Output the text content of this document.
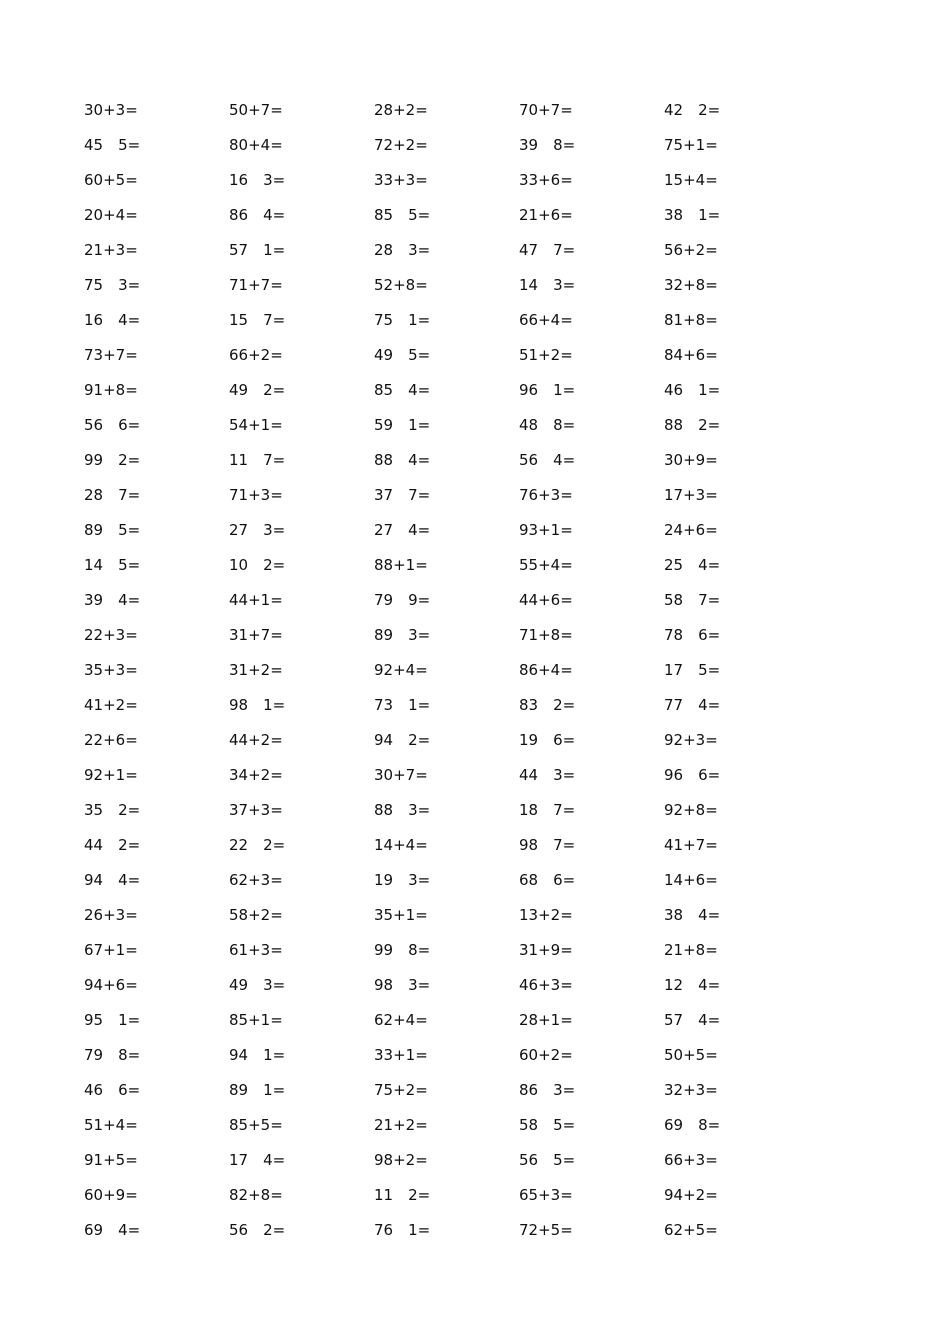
30+3=	50+7=	28+2=	70+7=	42　2=
45　5=	80+4=	72+2=	39　8=	75+1=
60+5=	16　3=	33+3=	33+6=	15+4=
20+4=	86　4=	85　5=	21+6=	38　1=
21+3=	57　1=	28　3=	47　7=	56+2=
75　3=	71+7=	52+8=	14　3=	32+8=
16　4=	15　7=	75　1=	66+4=	81+8=
73+7=	66+2=	49　5=	51+2=	84+6=
91+8=	49　2=	85　4=	96　1=	46　1=
56　6=	54+1=	59　1=	48　8=	88　2=
99　2=	11　7=	88　4=	56　4=	30+9=
28　7=	71+3=	37　7=	76+3=	17+3=
89　5=	27　3=	27　4=	93+1=	24+6=
14　5=	10　2=	88+1=	55+4=	25　4=
39　4=	44+1=	79　9=	44+6=	58　7=
22+3=	31+7=	89　3=	71+8=	78　6=
35+3=	31+2=	92+4=	86+4=	17　5=
41+2=	98　1=	73　1=	83　2=	77　4=
22+6=	44+2=	94　2=	19　6=	92+3=
92+1=	34+2=	30+7=	44　3=	96　6=
35　2=	37+3=	88　3=	18　7=	92+8=
44　2=	22　2=	14+4=	98　7=	41+7=
94　4=	62+3=	19　3=	68　6=	14+6=
26+3=	58+2=	35+1=	13+2=	38　4=
67+1=	61+3=	99　8=	31+9=	21+8=
94+6=	49　3=	98　3=	46+3=	12　4=
95　1=	85+1=	62+4=	28+1=	57　4=
79　8=	94　1=	33+1=	60+2=	50+5=
46　6=	89　1=	75+2=	86　3=	32+3=
51+4=	85+5=	21+2=	58　5=	69　8=
91+5=	17　4=	98+2=	56　5=	66+3=
60+9=	82+8=	11　2=	65+3=	94+2=
69　4=	56　2=	76　1=	72+5=	62+5=
